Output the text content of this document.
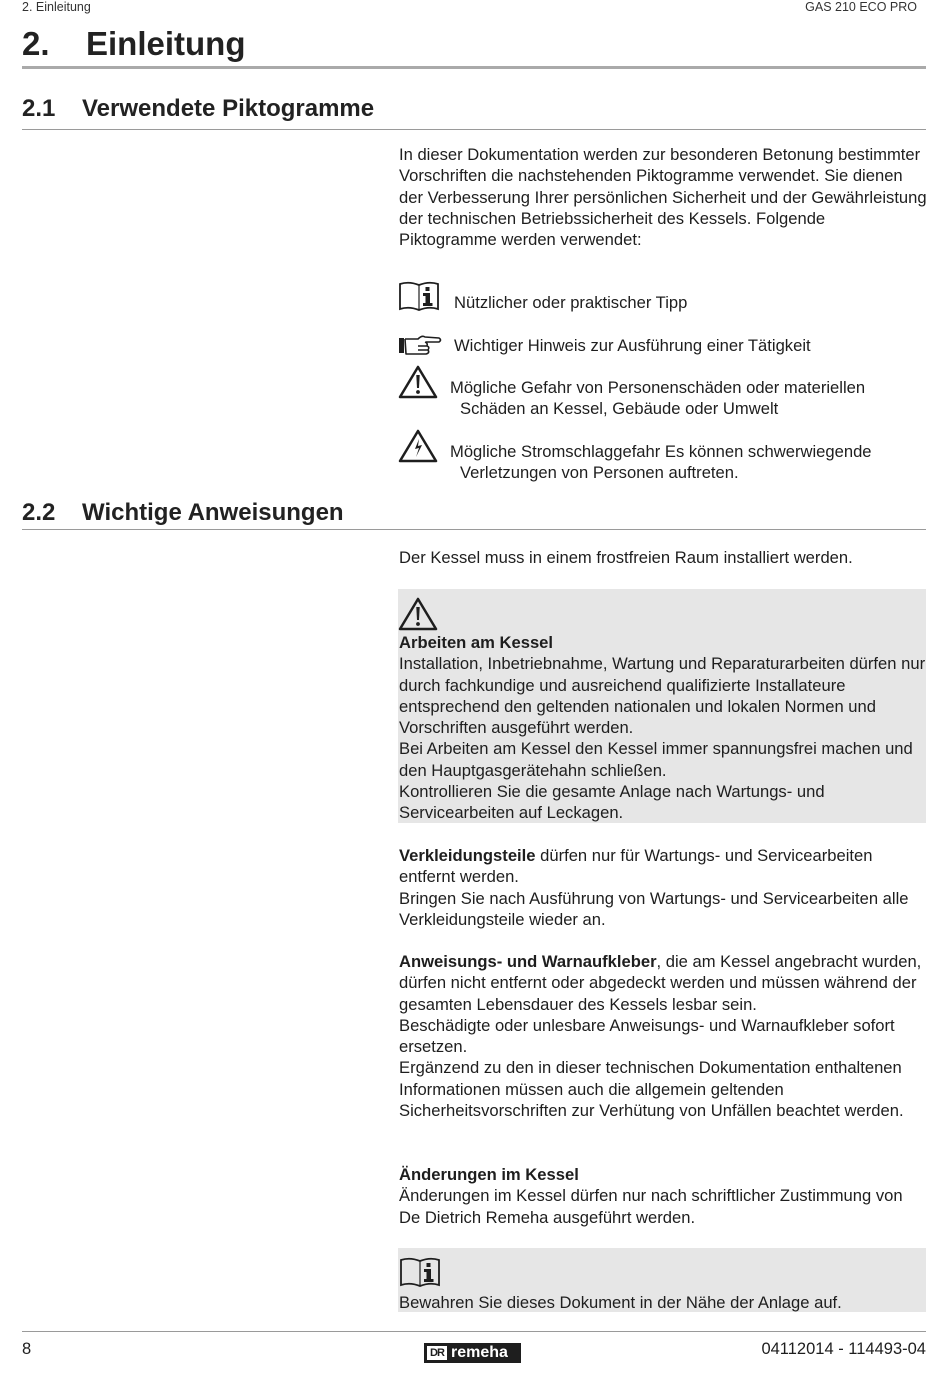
2. Einleitung	GAS 210 ECO PRO
2. Einleitung
2.1 Verwendete Piktogramme
In dieser Dokumentation werden zur besonderen Betonung bestimmter Vorschriften die nachstehenden Piktogramme verwendet. Sie dienen der Verbesserung Ihrer persönlichen Sicherheit und der Gewährleistung der technischen Betriebssicherheit des Kessels. Folgende Piktogramme werden verwendet:
Nützlicher oder praktischer Tipp
Wichtiger Hinweis zur Ausführung einer Tätigkeit
Mögliche Gefahr von Personenschäden oder materiellen
Schäden an Kessel, Gebäude oder Umwelt
Mögliche Stromschlaggefahr Es können schwerwiegende
Verletzungen von Personen auftreten.
2.2 Wichtige Anweisungen
Der Kessel muss in einem frostfreien Raum installiert werden.

Arbeiten am Kessel

Installation, Inbetriebnahme, Wartung und Reparaturarbeiten dürfen nur durch fachkundige und ausreichend qualifizierte Installateure entsprechend den geltenden nationalen und lokalen Normen und Vorschriften ausgeführt werden.

Bei Arbeiten am Kessel den Kessel immer spannungsfrei machen und den Hauptgasgerätehahn schließen.

Kontrollieren Sie die gesamte Anlage nach Wartungs- und Servicearbeiten auf Leckagen.

Verkleidungsteile dürfen nur für Wartungs- und Servicearbeiten entfernt werden.

Bringen Sie nach Ausführung von Wartungs- und Servicearbeiten alle Verkleidungsteile wieder an.

Anweisungs- und Warnaufkleber, die am Kessel angebracht wurden, dürfen nicht entfernt oder abgedeckt werden und müssen während der gesamten Lebensdauer des Kessels lesbar sein.

Beschädigte oder unlesbare Anweisungs- und Warnaufkleber sofort ersetzen.

Ergänzend zu den in dieser technischen Dokumentation enthaltenen Informationen müssen auch die allgemein geltenden Sicherheitsvorschriften zur Verhütung von Unfällen beachtet werden.

Änderungen im Kessel

Änderungen im Kessel dürfen nur nach schriftlicher Zustimmung von De Dietrich Remeha ausgeführt werden.

Bewahren Sie dieses Dokument in der Nähe der Anlage auf.
8	DR remeha	04112014 - 114493-04
